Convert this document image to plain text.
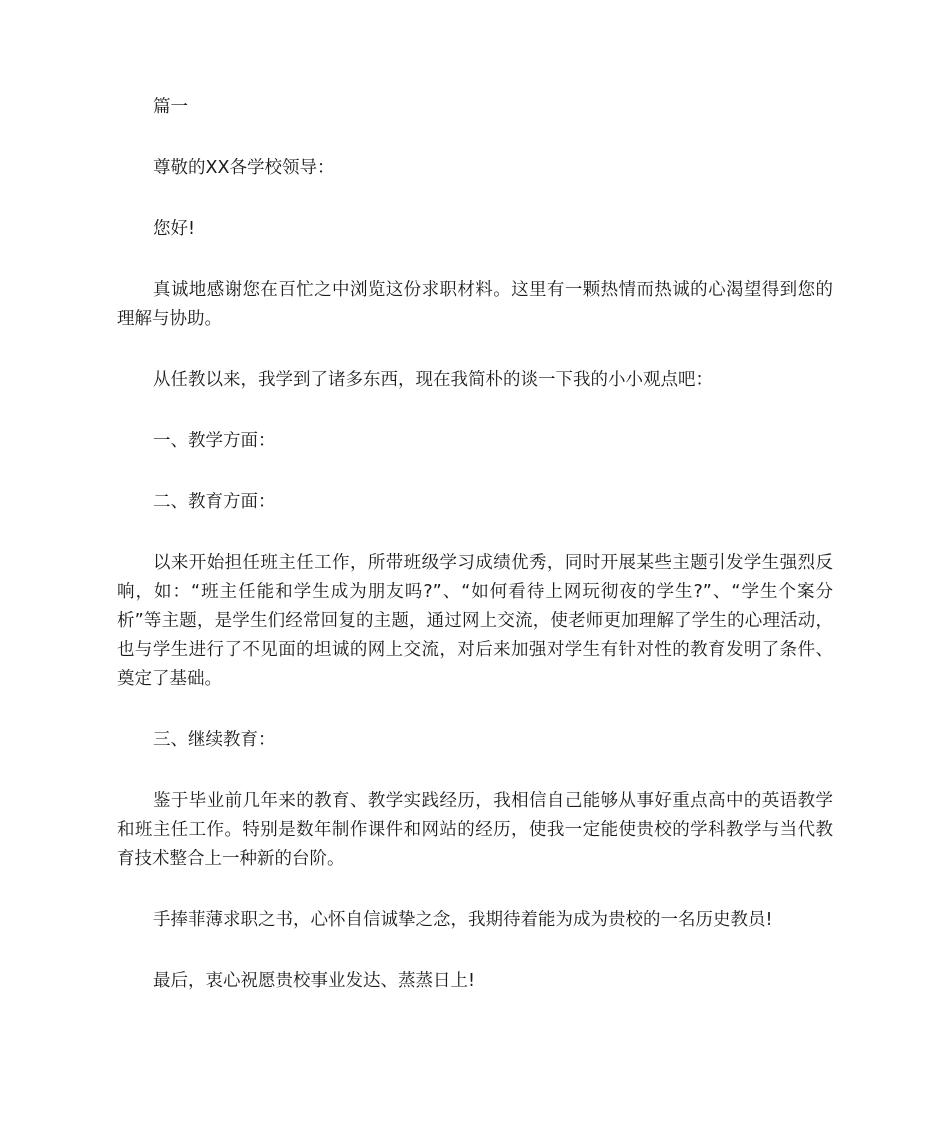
篇一

尊敬的XX各学校领导：

您好!

真诚地感谢您在百忙之中浏览这份求职材料。这里有一颗热情而热诚的心渴望得到您的理解与协助。

从任教以来，我学到了诸多东西，现在我简朴的谈一下我的小小观点吧：

一、教学方面：

二、教育方面：

以来开始担任班主任工作，所带班级学习成绩优秀，同时开展某些主题引发学生强烈反响，如：“班主任能和学生成为朋友吗?”、“如何看待上网玩彻夜的学生?”、“学生个案分析”等主题，是学生们经常回复的主题，通过网上交流，使老师更加理解了学生的心理活动，也与学生进行了不见面的坦诚的网上交流，对后来加强对学生有针对性的教育发明了条件、奠定了基础。

三、继续教育：

鉴于毕业前几年来的教育、教学实践经历，我相信自己能够从事好重点高中的英语教学和班主任工作。特别是数年制作课件和网站的经历，使我一定能使贵校的学科教学与当代教育技术整合上一种新的台阶。

手捧菲薄求职之书，心怀自信诚挚之念，我期待着能为成为贵校的一名历史教员!

最后，衷心祝愿贵校事业发达、蒸蒸日上!
